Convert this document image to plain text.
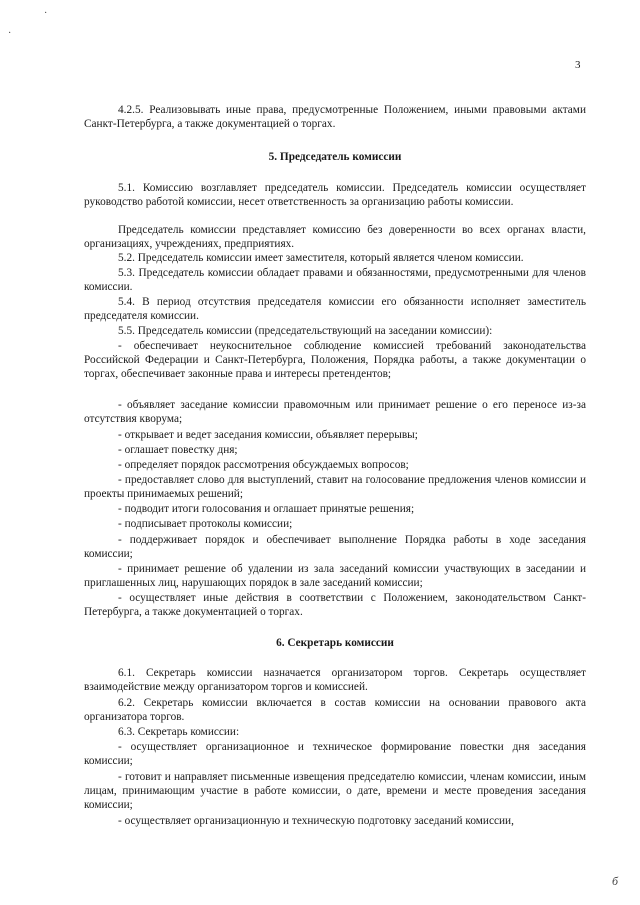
3

4.2.5. Реализовывать иные права, предусмотренные Положением, иными правовыми актами Санкт-Петербурга, а также документацией о торгах.

5. Председатель комиссии

5.1. Комиссию возглавляет председатель комиссии. Председатель комиссии осуществляет руководство работой комиссии, несет ответственность за организацию работы комиссии.

Председатель комиссии представляет комиссию без доверенности во всех органах власти, организациях, учреждениях, предприятиях.

5.2. Председатель комиссии имеет заместителя, который является членом комиссии.

5.3. Председатель комиссии обладает правами и обязанностями, предусмотренными для членов комиссии.

5.4. В период отсутствия председателя комиссии его обязанности исполняет заместитель председателя комиссии.

5.5. Председатель комиссии (председательствующий на заседании комиссии):

- обеспечивает неукоснительное соблюдение комиссией требований законодательства Российской Федерации и Санкт-Петербурга, Положения, Порядка работы, а также документации о торгах, обеспечивает законные права и интересы претендентов;

- объявляет заседание комиссии правомочным или принимает решение о его переносе из-за отсутствия кворума;

- открывает и ведет заседания комиссии, объявляет перерывы;

- оглашает повестку дня;

- определяет порядок рассмотрения обсуждаемых вопросов;

- предоставляет слово для выступлений, ставит на голосование предложения членов комиссии и проекты принимаемых решений;

- подводит итоги голосования и оглашает принятые решения;

- подписывает протоколы комиссии;

- поддерживает порядок и обеспечивает выполнение Порядка работы в ходе заседания комиссии;

- принимает решение об удалении из зала заседаний комиссии участвующих в заседании и приглашенных лиц, нарушающих порядок в зале заседаний комиссии;

- осуществляет иные действия в соответствии с Положением, законодательством Санкт-Петербурга, а также документацией о торгах.

6. Секретарь комиссии

6.1. Секретарь комиссии назначается организатором торгов. Секретарь осуществляет взаимодействие между организатором торгов и комиссией.

6.2. Секретарь комиссии включается в состав комиссии на основании правового акта организатора торгов.

6.3. Секретарь комиссии:

- осуществляет организационное и техническое формирование повестки дня заседания комиссии;

- готовит и направляет письменные извещения председателю комиссии, членам комиссии, иным лицам, принимающим участие в работе комиссии, о дате, времени и месте проведения заседания комиссии;

- осуществляет организационную и техническую подготовку заседаний комиссии,

·
·
б
